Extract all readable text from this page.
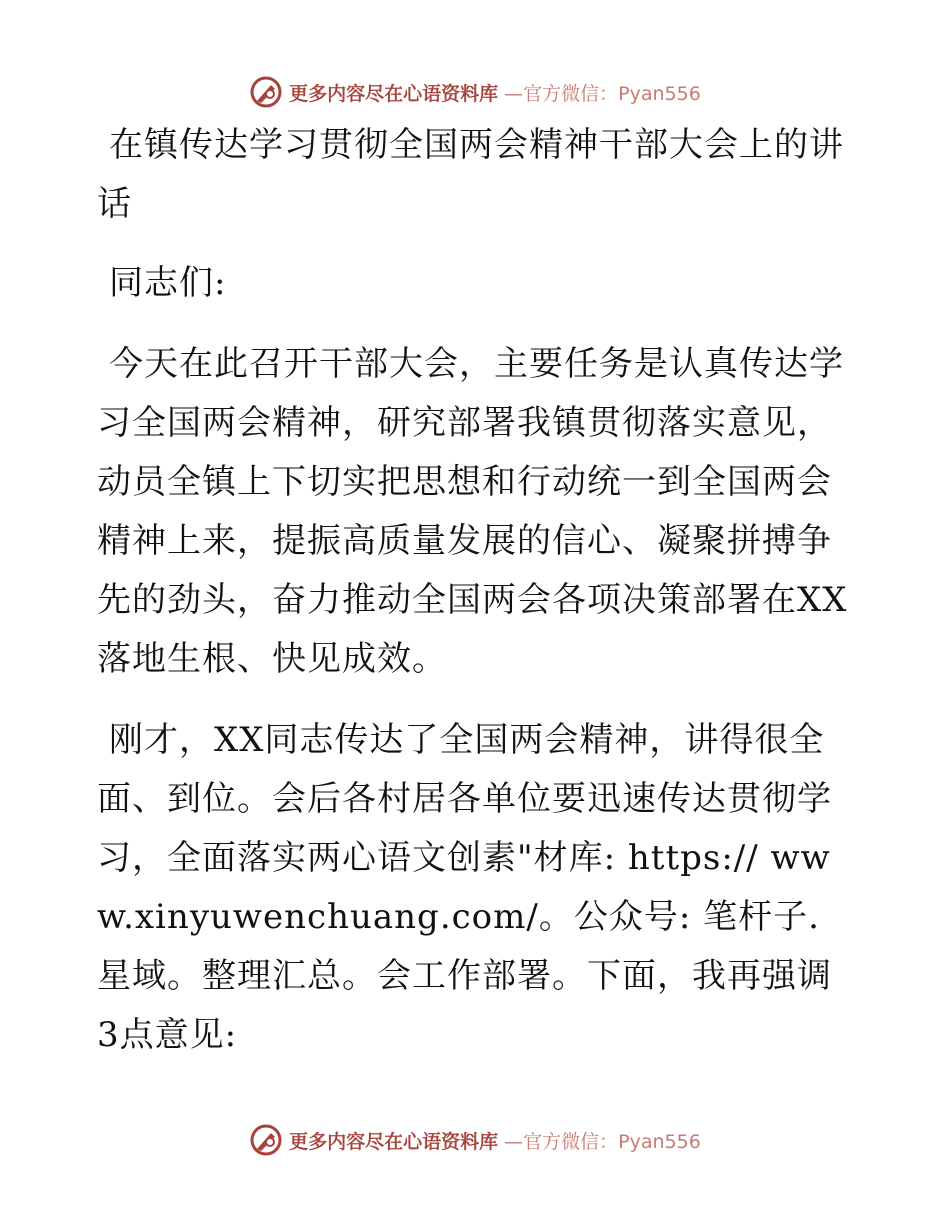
更多内容尽在心语资料库 —官方微信：Pyan556

在镇传达学习贯彻全国两会精神干部大会上的讲话

同志们:

今天在此召开干部大会，主要任务是认真传达学习全国两会精神，研究部署我镇贯彻落实意见，动员全镇上下切实把思想和行动统一到全国两会精神上来，提振高质量发展的信心、凝聚拼搏争先的劲头，奋力推动全国两会各项决策部署在XX落地生根、快见成效。

刚才，XX同志传达了全国两会精神，讲得很全面、到位。会后各村居各单位要迅速传达贯彻学习，全面落实两心语文创素"材库: https:// www.xinyuwenchuang.com/。公众号: 笔杆子.星域。整理汇总。会工作部署。下面，我再强调3点意见:

更多内容尽在心语资料库 —官方微信：Pyan556
